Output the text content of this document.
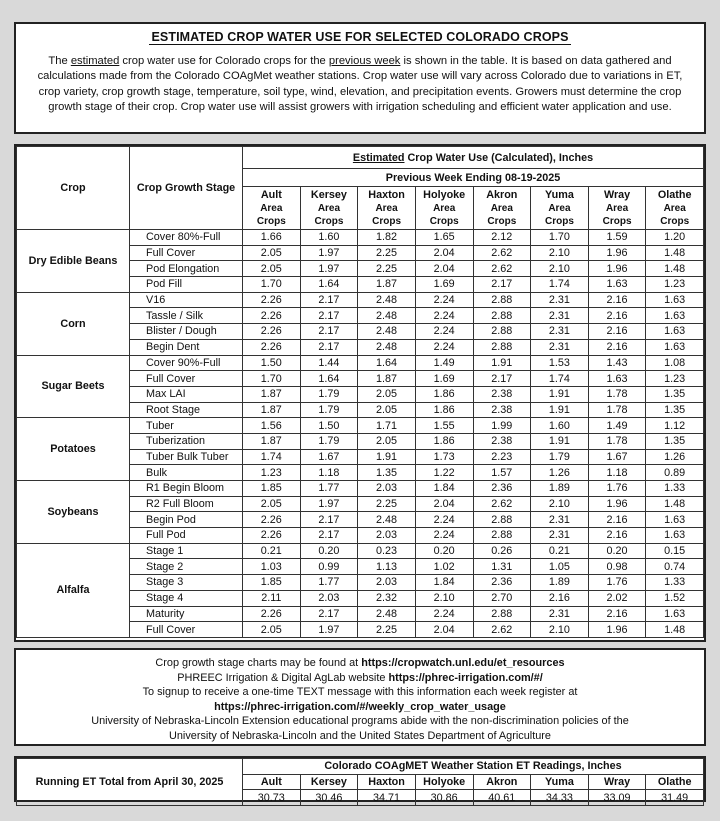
ESTIMATED CROP WATER USE FOR SELECTED COLORADO CROPS
The estimated crop water use for Colorado crops for the previous week is shown in the table. It is based on data gathered and calculations made from the Colorado COAgMet weather stations. Crop water use will vary across Colorado due to variations in ET, crop variety, crop growth stage, temperature, soil type, wind, elevation, and precipitation events. Growers must determine the crop growth stage of their crop. Crop water use will assist growers with irrigation scheduling and efficient water application and use.
Crop	Crop Growth Stage	Estimated Crop Water Use (Calculated), Inches							
		Previous Week Ending 08-19-2025							

		Ault
Area
Crops	Kersey
Area
Crops	Haxton
Area
Crops	Holyoke
Area
Crops	Akron
Area
Crops	Yuma
Area
Crops	Wray
Area
Crops	Olathe
Area
Crops

Dry Edible Beans	Cover 80%-Full	1.66	1.60	1.82	1.65	2.12	1.70	1.59	1.20
	Full Cover	2.05	1.97	2.25	2.04	2.62	2.10	1.96	1.48
	Pod Elongation	2.05	1.97	2.25	2.04	2.62	2.10	1.96	1.48
	Pod Fill	1.70	1.64	1.87	1.69	2.17	1.74	1.63	1.23
Corn	V16	2.26	2.17	2.48	2.24	2.88	2.31	2.16	1.63
	Tassle / Silk	2.26	2.17	2.48	2.24	2.88	2.31	2.16	1.63
	Blister / Dough	2.26	2.17	2.48	2.24	2.88	2.31	2.16	1.63
	Begin Dent	2.26	2.17	2.48	2.24	2.88	2.31	2.16	1.63
Sugar Beets	Cover 90%-Full	1.50	1.44	1.64	1.49	1.91	1.53	1.43	1.08
	Full Cover	1.70	1.64	1.87	1.69	2.17	1.74	1.63	1.23
	Max LAI	1.87	1.79	2.05	1.86	2.38	1.91	1.78	1.35
	Root Stage	1.87	1.79	2.05	1.86	2.38	1.91	1.78	1.35
Potatoes	Tuber	1.56	1.50	1.71	1.55	1.99	1.60	1.49	1.12
	Tuberization	1.87	1.79	2.05	1.86	2.38	1.91	1.78	1.35
	Tuber Bulk Tuber	1.74	1.67	1.91	1.73	2.23	1.79	1.67	1.26
	Bulk	1.23	1.18	1.35	1.22	1.57	1.26	1.18	0.89
Soybeans	R1 Begin Bloom	1.85	1.77	2.03	1.84	2.36	1.89	1.76	1.33
	R2 Full Bloom	2.05	1.97	2.25	2.04	2.62	2.10	1.96	1.48
	Begin Pod	2.26	2.17	2.48	2.24	2.88	2.31	2.16	1.63
	Full Pod	2.26	2.17	2.03	2.24	2.88	2.31	2.16	1.63
Alfalfa	Stage 1	0.21	0.20	0.23	0.20	0.26	0.21	0.20	0.15
	Stage 2	1.03	0.99	1.13	1.02	1.31	1.05	0.98	0.74
	Stage 3	1.85	1.77	2.03	1.84	2.36	1.89	1.76	1.33
	Stage 4	2.11	2.03	2.32	2.10	2.70	2.16	2.02	1.52
	Maturity	2.26	2.17	2.48	2.24	2.88	2.31	2.16	1.63
	Full Cover	2.05	1.97	2.25	2.04	2.62	2.10	1.96	1.48
Crop growth stage charts may be found at https://cropwatch.unl.edu/et_resources
PHREEC Irrigation & Digital AgLab website https://phrec-irrigation.com/#/
To signup to receive a one-time TEXT message with this information each week register at
https://phrec-irrigation.com/#/weekly_crop_water_usage
University of Nebraska-Lincoln Extension educational programs abide with the non-discrimination policies of the
University of Nebraska-Lincoln and the United States Department of Agriculture
Running ET Total from April 30, 2025	Colorado COAgMET Weather Station ET Readings, Inches							
	Ault	Kersey	Haxton	Holyoke	Akron	Yuma	Wray	Olathe
	30.73	30.46	34.71	30.86	40.61	34.33	33.09	31.49
